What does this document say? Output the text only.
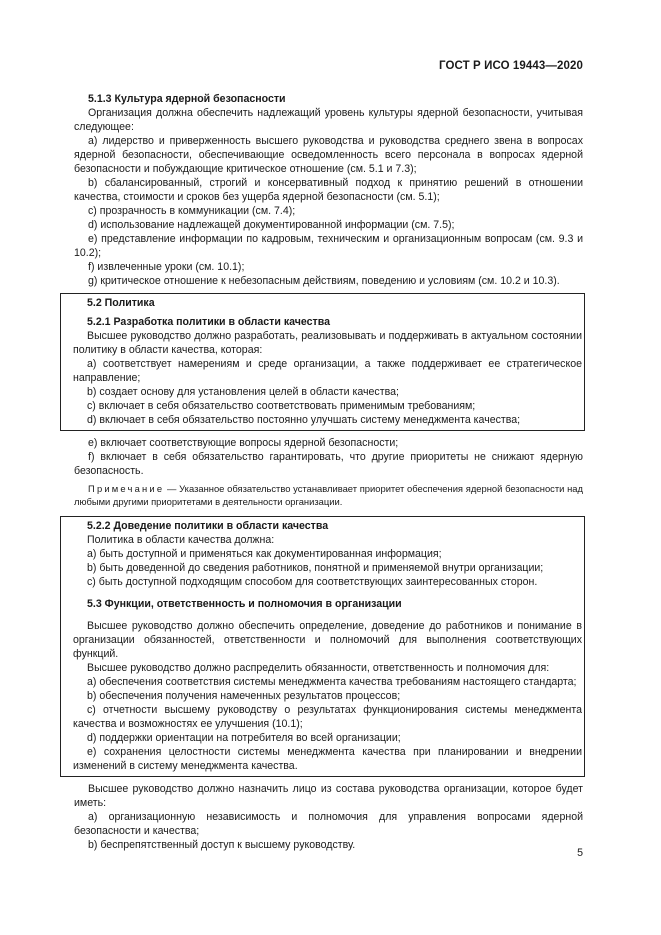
ГОСТ Р ИСО 19443—2020

5.1.3 Культура ядерной безопасности

Организация должна обеспечить надлежащий уровень культуры ядерной безопасности, учитывая следующее:

a) лидерство и приверженность высшего руководства и руководства среднего звена в вопросах ядерной безопасности, обеспечивающие осведомленность всего персонала в вопросах ядерной безопасности и побуждающие критическое отношение (см. 5.1 и 7.3);

b) сбалансированный, строгий и консервативный подход к принятию решений в отношении качества, стоимости и сроков без ущерба ядерной безопасности (см. 5.1);

c) прозрачность в коммуникации (см. 7.4);

d) использование надлежащей документированной информации (см. 7.5);

e) представление информации по кадровым, техническим и организационным вопросам (см. 9.3 и 10.2);

f) извлеченные уроки (см. 10.1);

g) критическое отношение к небезопасным действиям, поведению и условиям (см. 10.2 и 10.3).

5.2 Политика

5.2.1 Разработка политики в области качества

Высшее руководство должно разработать, реализовывать и поддерживать в актуальном состоянии политику в области качества, которая:

a) соответствует намерениям и среде организации, а также поддерживает ее стратегическое направление;

b) создает основу для установления целей в области качества;

c) включает в себя обязательство соответствовать применимым требованиям;

d) включает в себя обязательство постоянно улучшать систему менеджмента качества;

e) включает соответствующие вопросы ядерной безопасности;

f) включает в себя обязательство гарантировать, что другие приоритеты не снижают ядерную безопасность.

Примечание — Указанное обязательство устанавливает приоритет обеспечения ядерной безопасности над любыми другими приоритетами в деятельности организации.

5.2.2 Доведение политики в области качества

Политика в области качества должна:

a) быть доступной и применяться как документированная информация;

b) быть доведенной до сведения работников, понятной и применяемой внутри организации;

c) быть доступной подходящим способом для соответствующих заинтересованных сторон.

5.3 Функции, ответственность и полномочия в организации

Высшее руководство должно обеспечить определение, доведение до работников и понимание в организации обязанностей, ответственности и полномочий для выполнения соответствующих функций.

Высшее руководство должно распределить обязанности, ответственность и полномочия для:

a) обеспечения соответствия системы менеджмента качества требованиям настоящего стандарта;

b) обеспечения получения намеченных результатов процессов;

c) отчетности высшему руководству о результатах функционирования системы менеджмента качества и возможностях ее улучшения (10.1);

d) поддержки ориентации на потребителя во всей организации;

e) сохранения целостности системы менеджмента качества при планировании и внедрении изменений в систему менеджмента качества.

Высшее руководство должно назначить лицо из состава руководства организации, которое будет иметь:

a) организационную независимость и полномочия для управления вопросами ядерной безопасности и качества;

b) беспрепятственный доступ к высшему руководству.

5
